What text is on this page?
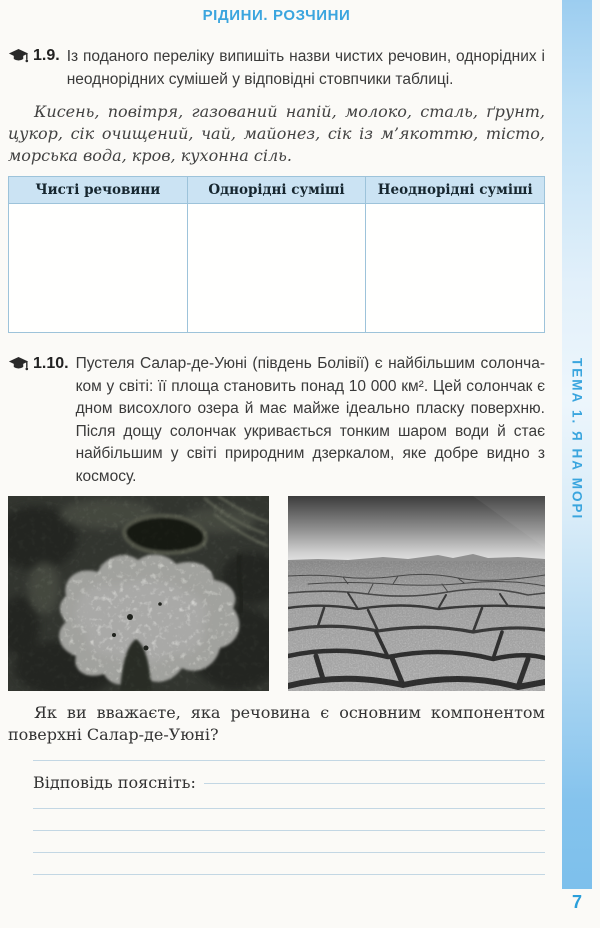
РІДИНИ. РОЗЧИНИ
1.9. Із поданого переліку випишіть назви чистих речовин, однорідних і неоднорідних сумішей у відповідні стовпчики таблиці.

Кисень, повітря, газований напій, молоко, сталь, ґрунт, цукор, сік очищений, чай, майонез, сік із м’якоттю, тісто, морська вода, кров, кухонна сіль.

Чисті речовини	Однорідні суміші	Неоднорідні суміші

1.10. Пустеля Салар-де-Уюні (південь Болівії) є найбільшим солончаком у світі: її площа становить понад 10 000 км². Цей солончак є дном висохлого озера й має майже ідеально пласку поверхню. Після дощу солончак укривається тонким шаром води й стає найбільшим у світі природним дзеркалом, яке добре видно з космосу.

Як ви вважаєте, яка речовина є основним компонентом поверхні Салар-де-Уюні?

Відповідь поясніть:
ТЕМА 1. Я НА МОРІ
7
